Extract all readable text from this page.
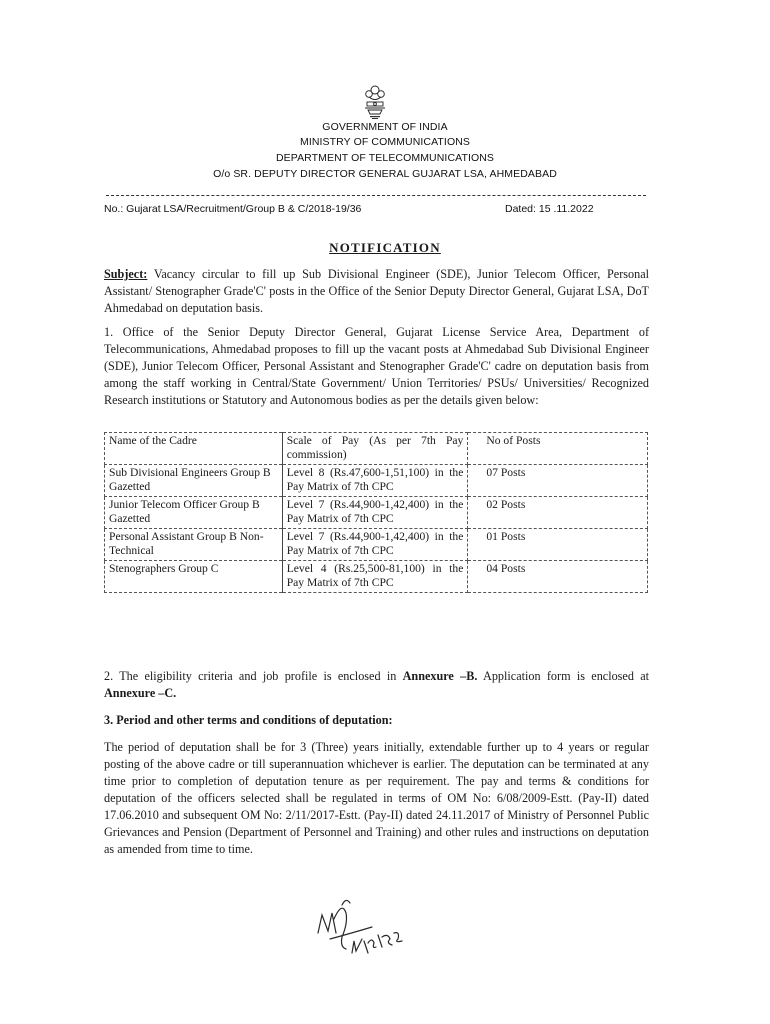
GOVERNMENT OF INDIA
MINISTRY OF COMMUNICATIONS
DEPARTMENT OF TELECOMMUNICATIONS
O/o SR. DEPUTY DIRECTOR GENERAL GUJARAT LSA, AHMEDABAD
No.: Gujarat LSA/Recruitment/Group B & C/2018-19/36	Dated: 15 .11.2022
NOTIFICATION
Subject: Vacancy circular to fill up Sub Divisional Engineer (SDE), Junior Telecom Officer, Personal Assistant/ Stenographer Grade'C' posts in the Office of the Senior Deputy Director General, Gujarat LSA, DoT Ahmedabad on deputation basis.
1. Office of the Senior Deputy Director General, Gujarat License Service Area, Department of Telecommunications, Ahmedabad proposes to fill up the vacant posts at Ahmedabad Sub Divisional Engineer (SDE), Junior Telecom Officer, Personal Assistant and Stenographer Grade'C' cadre on deputation basis from among the staff working in Central/State Government/ Union Territories/ PSUs/ Universities/ Recognized Research institutions or Statutory and Autonomous bodies as per the details given below:
Name of the Cadre	Scale of Pay (As per 7th Pay commission)	No of Posts
Sub Divisional Engineers Group B Gazetted	Level 8 (Rs.47,600-1,51,100) in the Pay Matrix of 7th CPC	07 Posts
Junior Telecom Officer Group B Gazetted	Level 7 (Rs.44,900-1,42,400) in the Pay Matrix of 7th CPC	02 Posts
Personal Assistant Group B Non-Technical	Level 7 (Rs.44,900-1,42,400) in the Pay Matrix of 7th CPC	01 Posts
Stenographers Group C	Level 4 (Rs.25,500-81,100) in the Pay Matrix of 7th CPC	04 Posts
2. The eligibility criteria and job profile is enclosed in Annexure –B. Application form is enclosed at Annexure –C.
3. Period and other terms and conditions of deputation:
The period of deputation shall be for 3 (Three) years initially, extendable further up to 4 years or regular posting of the above cadre or till superannuation whichever is earlier. The deputation can be terminated at any time prior to completion of deputation tenure as per requirement. The pay and terms & conditions for deputation of the officers selected shall be regulated in terms of OM No: 6/08/2009-Estt. (Pay-II) dated 17.06.2010 and subsequent OM No: 2/11/2017-Estt. (Pay-II) dated 24.11.2017 of Ministry of Personnel Public Grievances and Pension (Department of Personnel and Training) and other rules and instructions on deputation as amended from time to time.
